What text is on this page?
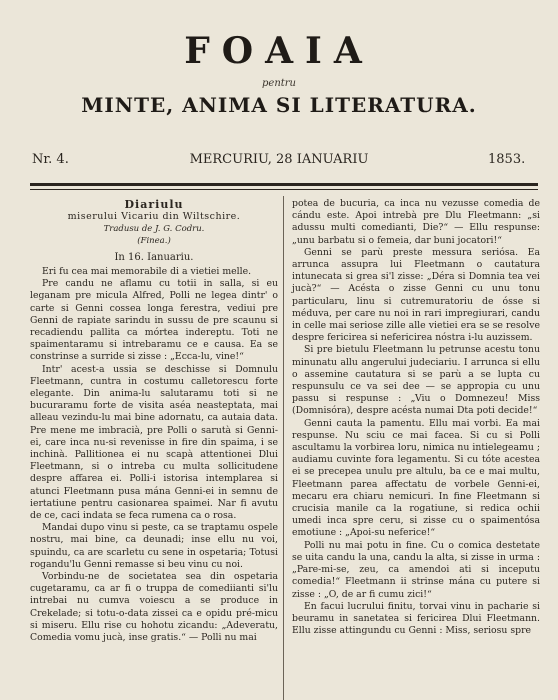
FOAIA
pentru
MINTE, ANIMA SI LITERATURA.
Nr. 4.	MERCURIU, 28 IANUARIU	1853.
Diariulu
miserului Vicariu din Wiltschire.
Tradusu de J. G. Codru.
(Finea.)
In 16. Ianuariu.

Eri fu cea mai memorabile di a vietiei melle.

Pre candu ne aflamu cu totii in salla, si eu leganam pre micula Alfred, Polli ne legea dintr' o carte si Genni cossea longa ferestra, vediui pre Genni de rapiate sarindu in sussu de pre scaunu si recadiendu pallita ca mórtea indereptu. Toti ne spaimentaramu si intrebaramu ce e causa. Ea se constrinse a surride si zisse : „Ecca-lu, vine!“

Intr' acest-a ussia se deschisse si Domnulu Fleetmann, cuntra in costumu calletorescu forte elegante. Din anima-lu salutaramu toti si ne bucuraramu forte de visita aséa neasteptata, mai alleau vezindu-lu mai bine adornatu, ca autaia data. Pre mene me imbracià, pre Polli o sarutà si Genni-ei, care inca nu-si revenisse in fire din spaima, i se inchinà. Pallitionea ei nu scapà attentionei Dlui Fleetmann, si o intreba cu multa sollicitudene despre affarea ei. Polli-i istorisa intemplarea si atunci Fleetmann pusa mána Genni-ei in semnu de iertatiune pentru casionarea spaimei. Nar fi avutu de ce, caci indata se feca rumena ca o rosa.

Mandai dupo vinu si peste, ca se traptamu ospele nostru, mai bine, ca deunadi; inse ellu nu voi, spuindu, ca are scarletu cu sene in ospetaria; Totusi rogandu'lu Genni remasse si beu vinu cu noi.

Vorbindu-ne de societatea sea din ospetaria cugetaramu, ca ar fi o truppa de comediianti si'lu intrebai nu cumva voiescu a se produce in Crekelade; si totu-o-data zissei ca e opidu pré-micu si miseru. Ellu rise cu hohotu zicandu: „Adeveratu, Comedia vomu jucà, inse gratis.“ — Polli nu mai

potea de bucuria, ca inca nu vezusse comedia de cándu este. Apoi intrebà pre Dlu Fleetmann: „si adussu multi comedianti, Die?“ — Ellu respunse: „unu barbatu si o femeia, dar buni jocatori!“

Genni se parù preste messura seriósa. Ea arrunca assupra lui Fleetmann o cautatura intunecata si grea si'l zisse: „Déra si Domnia tea vei jucà?“ — Acésta o zisse Genni cu unu tonu particularu, linu si cutremuratoriu de ósse si méduva, per care nu noi in rari impregiurari, candu in celle mai seriose zille alle vietiei era se se resolve despre fericirea si nefericirea nóstra i-lu auzissem.

Si pre bietulu Fleetmann lu petrunse acestu tonu minunatu allu angerului judeciariu. I arrunca si ellu o assemine cautatura si se parù a se lupta cu respunsulu ce va sei dee — se appropia cu unu passu si respunse : „Viu o Domnezeu! Miss (Domnisóra), despre acésta numai Dta poti decide!“

Genni cauta la pamentu. Ellu mai vorbi. Ea mai respunse. Nu sciu ce mai facea. Si cu si Polli ascultamu la vorbirea loru, nimica nu intielegeamu ; audiamu cuvinte fora legamentu. Si cu tóte acestea ei se precepea unulu pre altulu, ba ce e mai multu, Fleetmann parea affectatu de vorbele Genni-ei, mecaru era chiaru nemicuri. In fine Fleetmann si crucisia manile ca la rogatiune, si redica ochii umedi inca spre ceru, si zisse cu o spaimentósa emotiune : „Apoi-su neferice!“

Polli nu mai potu in fine. Cu o comica destetate se uita candu la una, candu la alta, si zisse in urma : „Pare-mi-se, zeu, ca amendoi ati si inceputu comedia!“ Fleetmann ii strinse mána cu putere si zisse : „O, de ar fi cumu zici!“

En facui lucrului finitu, torvai vinu in pacharie si beuramu in sanetatea si fericirea Dlui Fleetmann. Ellu zisse attingundu cu Genni : Miss, seriosu spre
